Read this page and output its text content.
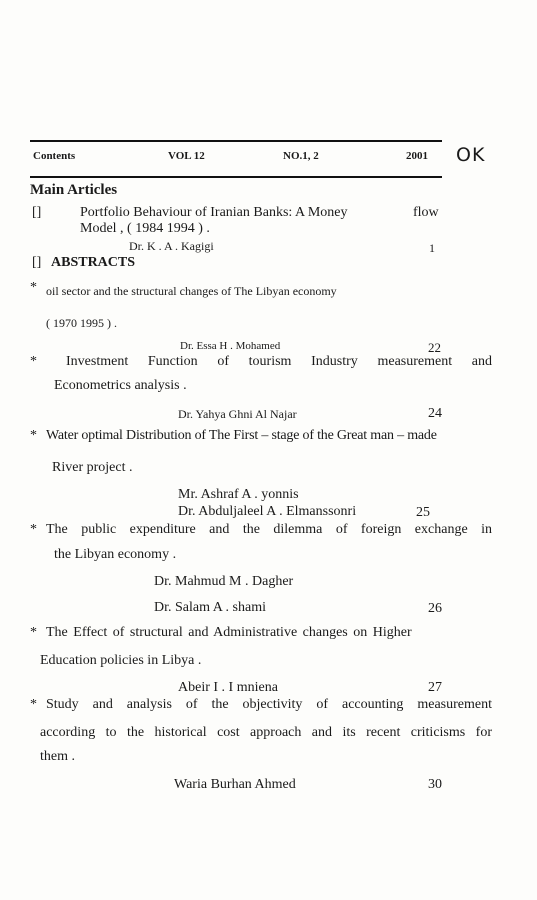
Contents	VOL 12	NO.1, 2	2001 OK
Main Articles
[]	Portfolio Behaviour of Iranian Banks: A Money	flow
Model , ( 1984 1994 ) .
Dr. K . A . Kagigi	1
[] ABSTRACTS
* oil sector and the structural changes of The Libyan economy
( 1970 1995 ) .
Dr. Essa H . Mohamed	22
* Investment Function of tourism Industry measurement and
Econometrics analysis .
Dr. Yahya Ghni Al Najar	24
* Water optimal Distribution of The First – stage of the Great man – made
River project .
Mr. Ashraf A . yonnis
Dr. Abduljaleel A . Elmanssonri	25
* The public expenditure and the dilemma of foreign exchange in
the Libyan economy .
Dr. Mahmud M . Dagher
Dr. Salam A . shami	26
* The Effect of structural and Administrative changes on Higher
Education policies in Libya .
Abeir I . I mniena	27
* Study and analysis of the objectivity of accounting measurement
according to the historical cost approach and its recent criticisms for
them .
Waria Burhan Ahmed	30
